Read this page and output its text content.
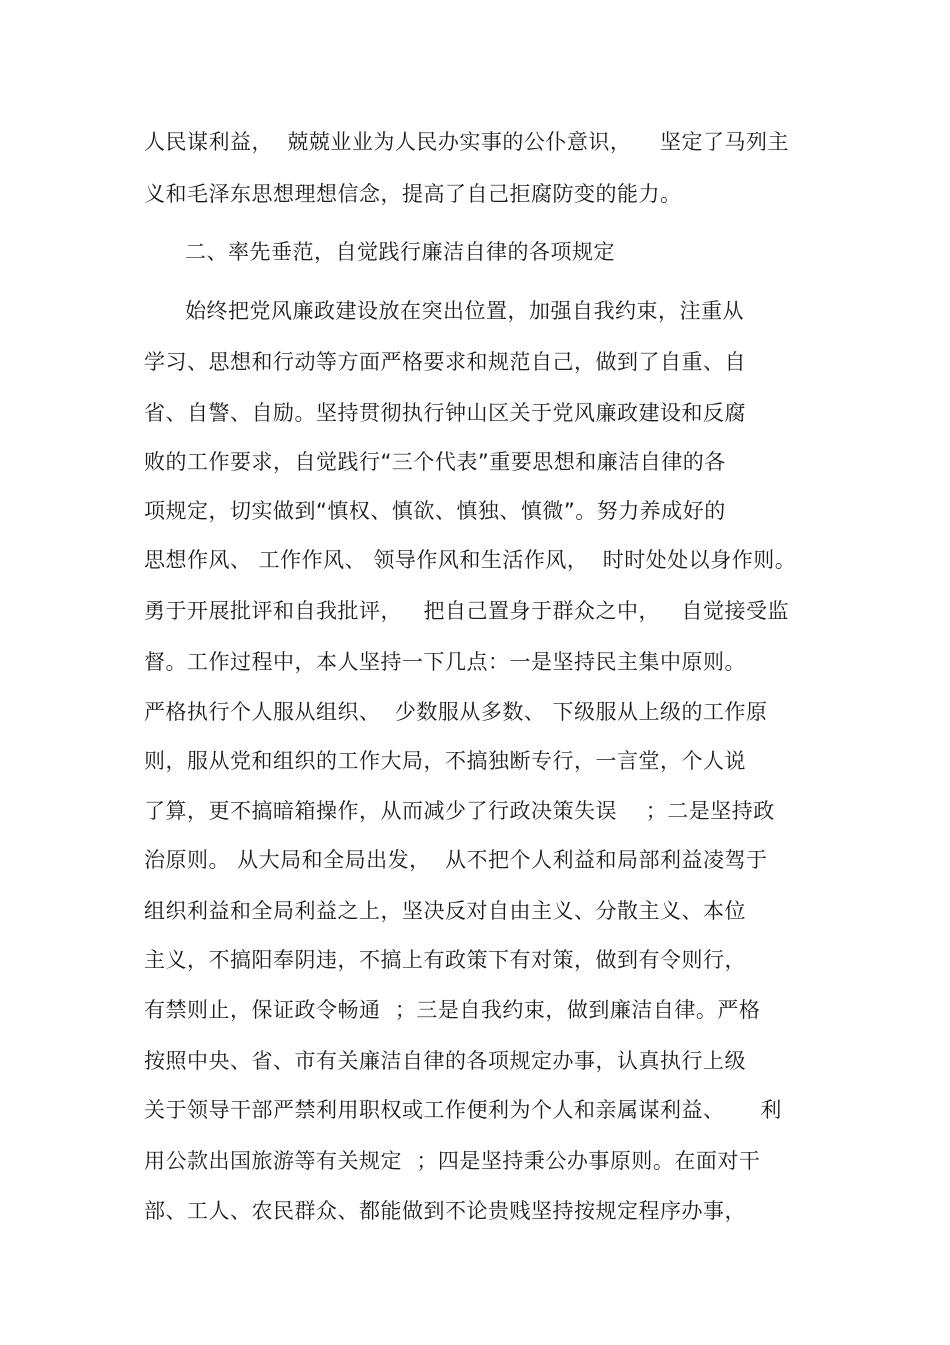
人民谋利益，  兢兢业业为人民办实事的公仆意识，    坚定了马列主
义和毛泽东思想理想信念，提高了自己拒腐防变的能力。
二、率先垂范，自觉践行廉洁自律的各项规定
始终把党风廉政建设放在突出位置，加强自我约束，注重从
学习、思想和行动等方面严格要求和规范自己，做到了自重、自
省、自警、自励。坚持贯彻执行钟山区关于党风廉政建设和反腐
败的工作要求，自觉践行“三个代表”重要思想和廉洁自律的各
项规定，切实做到“慎权、慎欲、慎独、慎微”。努力养成好的
思想作风、 工作作风、 领导作风和生活作风，  时时处处以身作则。
勇于开展批评和自我批评，   把自己置身于群众之中，   自觉接受监
督。工作过程中，本人坚持一下几点：一是坚持民主集中原则。
严格执行个人服从组织、  少数服从多数、 下级服从上级的工作原
则，服从党和组织的工作大局，不搞独断专行，一言堂，个人说
了算，更不搞暗箱操作，从而减少了行政决策失误    ；二是坚持政
治原则。 从大局和全局出发，  从不把个人利益和局部利益凌驾于
组织利益和全局利益之上，坚决反对自由主义、分散主义、本位
主义，不搞阳奉阴违，不搞上有政策下有对策，做到有令则行，
有禁则止，保证政令畅通  ；三是自我约束，做到廉洁自律。严格
按照中央、省、市有关廉洁自律的各项规定办事，认真执行上级
关于领导干部严禁利用职权或工作便利为个人和亲属谋利益、     利
用公款出国旅游等有关规定  ；四是坚持秉公办事原则。在面对干
部、工人、农民群众、都能做到不论贵贱坚持按规定程序办事，
